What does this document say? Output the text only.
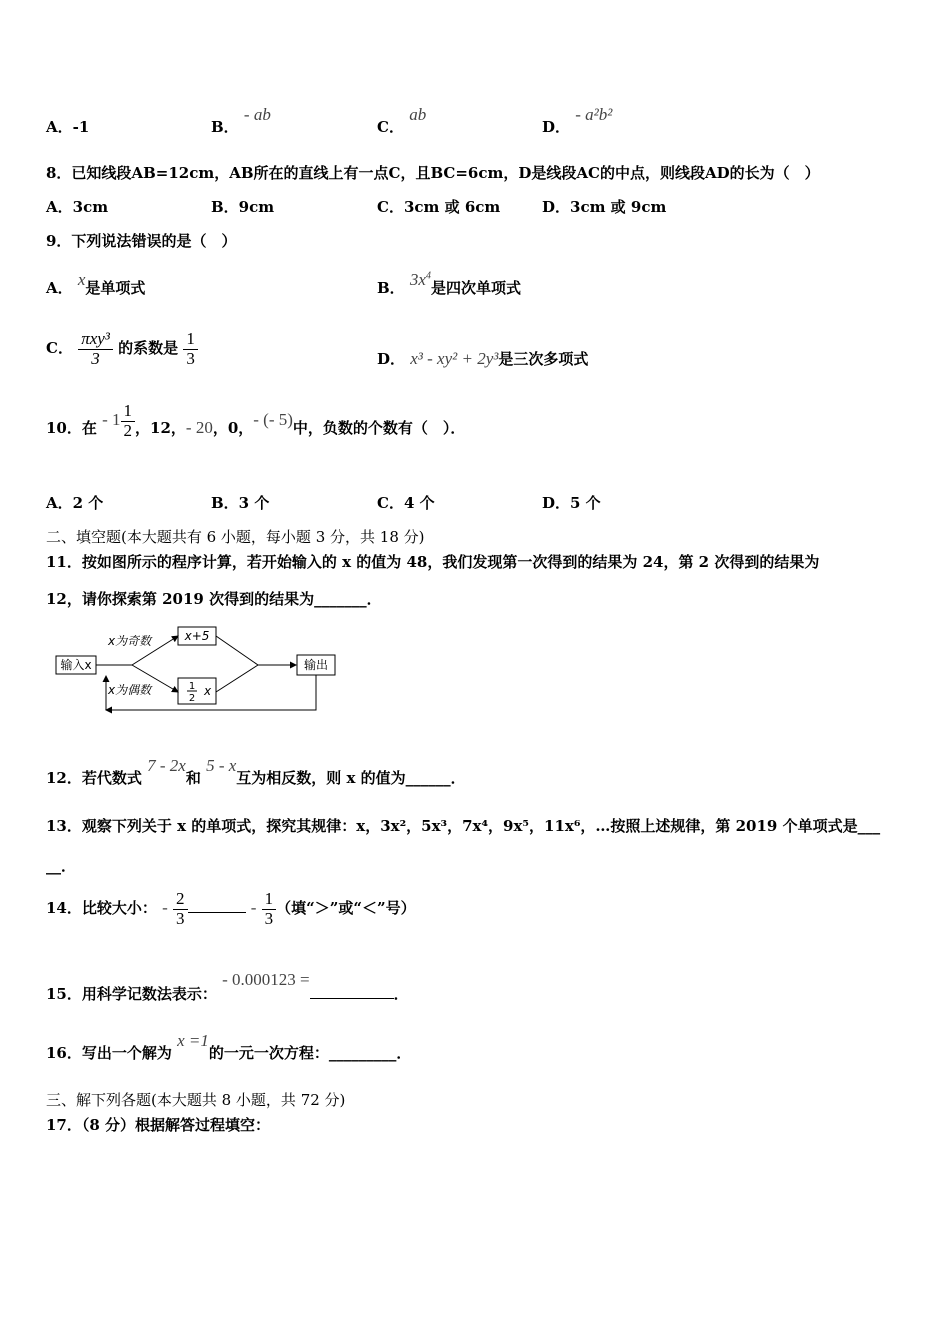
A．-1	B． - ab
C． ab
D． - a²b²
8．已知线段AB=12cm，AB所在的直线上有一点C，且BC=6cm，D是线段AC的中点，则线段AD的长为（　）
A．3cm	B．9cm	C．3cm 或 6cm	D．3cm 或 9cm
9．下列说法错误的是（　）
A． x是单项式	B． $3x^4$是四次单项式
C． $\frac{\text{πxy³}}{3}$ 的系数是 $\frac{1}{3}$	D． x³ - xy² + 2y³是三次多项式
10．在 - $1 \frac{1}{2}$ ，12，- 20，0，- (- 5)中，负数的个数有（　）．
A．2 个	B．3 个	C．4 个	D．5 个
二、填空题(本大题共有 6 小题，每小题 3 分，共 18 分)
11．按如图所示的程序计算，若开始输入的 x 的值为 48，我们发现第一次得到的结果为 24，第 2 次得到的结果为
12，请你探索第 2019 次得到的结果为_______．
输入x
x为奇数
x为偶数
x+5
1
2
x
输出
12．若代数式 7 - 2x和 5 - x互为相反数，则 x 的值为______．
13．观察下列关于 x 的单项式，探究其规律：x，3x²，5x³，7x⁴，9x⁵，11x⁶，…按照上述规律，第 2019 个单项式是___
__．
14．比较大小： - $\frac{2}{3}$	- $\frac{1}{3}$ （填“＞”或“＜”号）
15．用科学记数法表示： - 0.000123 =．
16．写出一个解为 x =1的一元一次方程：_________．
三、解下列各题(本大题共 8 小题，共 72 分)
17．（8 分）根据解答过程填空：
